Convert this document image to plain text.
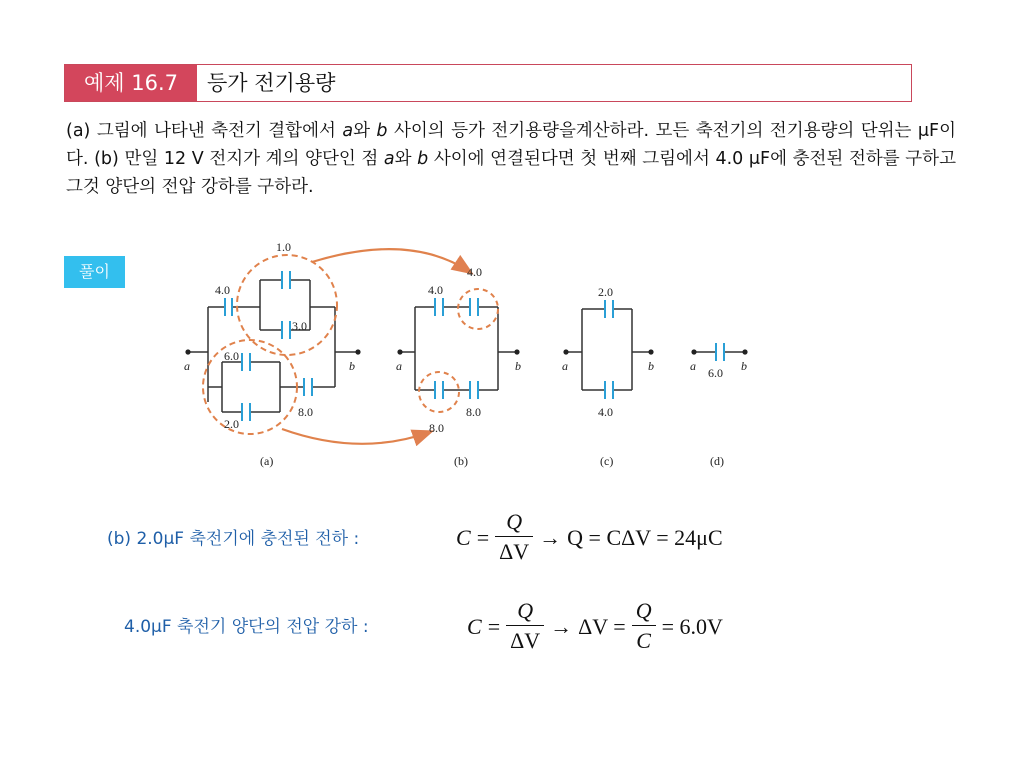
예제 16.7	등가 전기용량

(a) 그림에 나타낸 축전기 결합에서 a와 b 사이의 등가 전기용량을계산하라. 모든 축전기의 전기용량의 단위는 μF이다. (b) 만일 12 V 전지가 계의 양단인 점 a와 b 사이에 연결된다면 첫 번째 그림에서 4.0 μF에 충전된 전하를 구하고 그것 양단의 전압 강하를 구하라.

풀이
1.0
4.0
3.0
6.0
2.0
8.0
a	b
(a)
4.0
4.0
8.0
8.0
a	b
(b)
2.0
4.0
a	b
(c)
6.0
a	b
(d)
(b) 2.0μF 축전기에 충전된 전하 :	$C = \frac{Q}{\Delta V} \to Q = C\Delta V = 24\mu C$
4.0μF 축전기 양단의 전압 강하 :	$C = \frac{Q}{\Delta V} \to \Delta V = \frac{Q}{C} = 6.0V$
